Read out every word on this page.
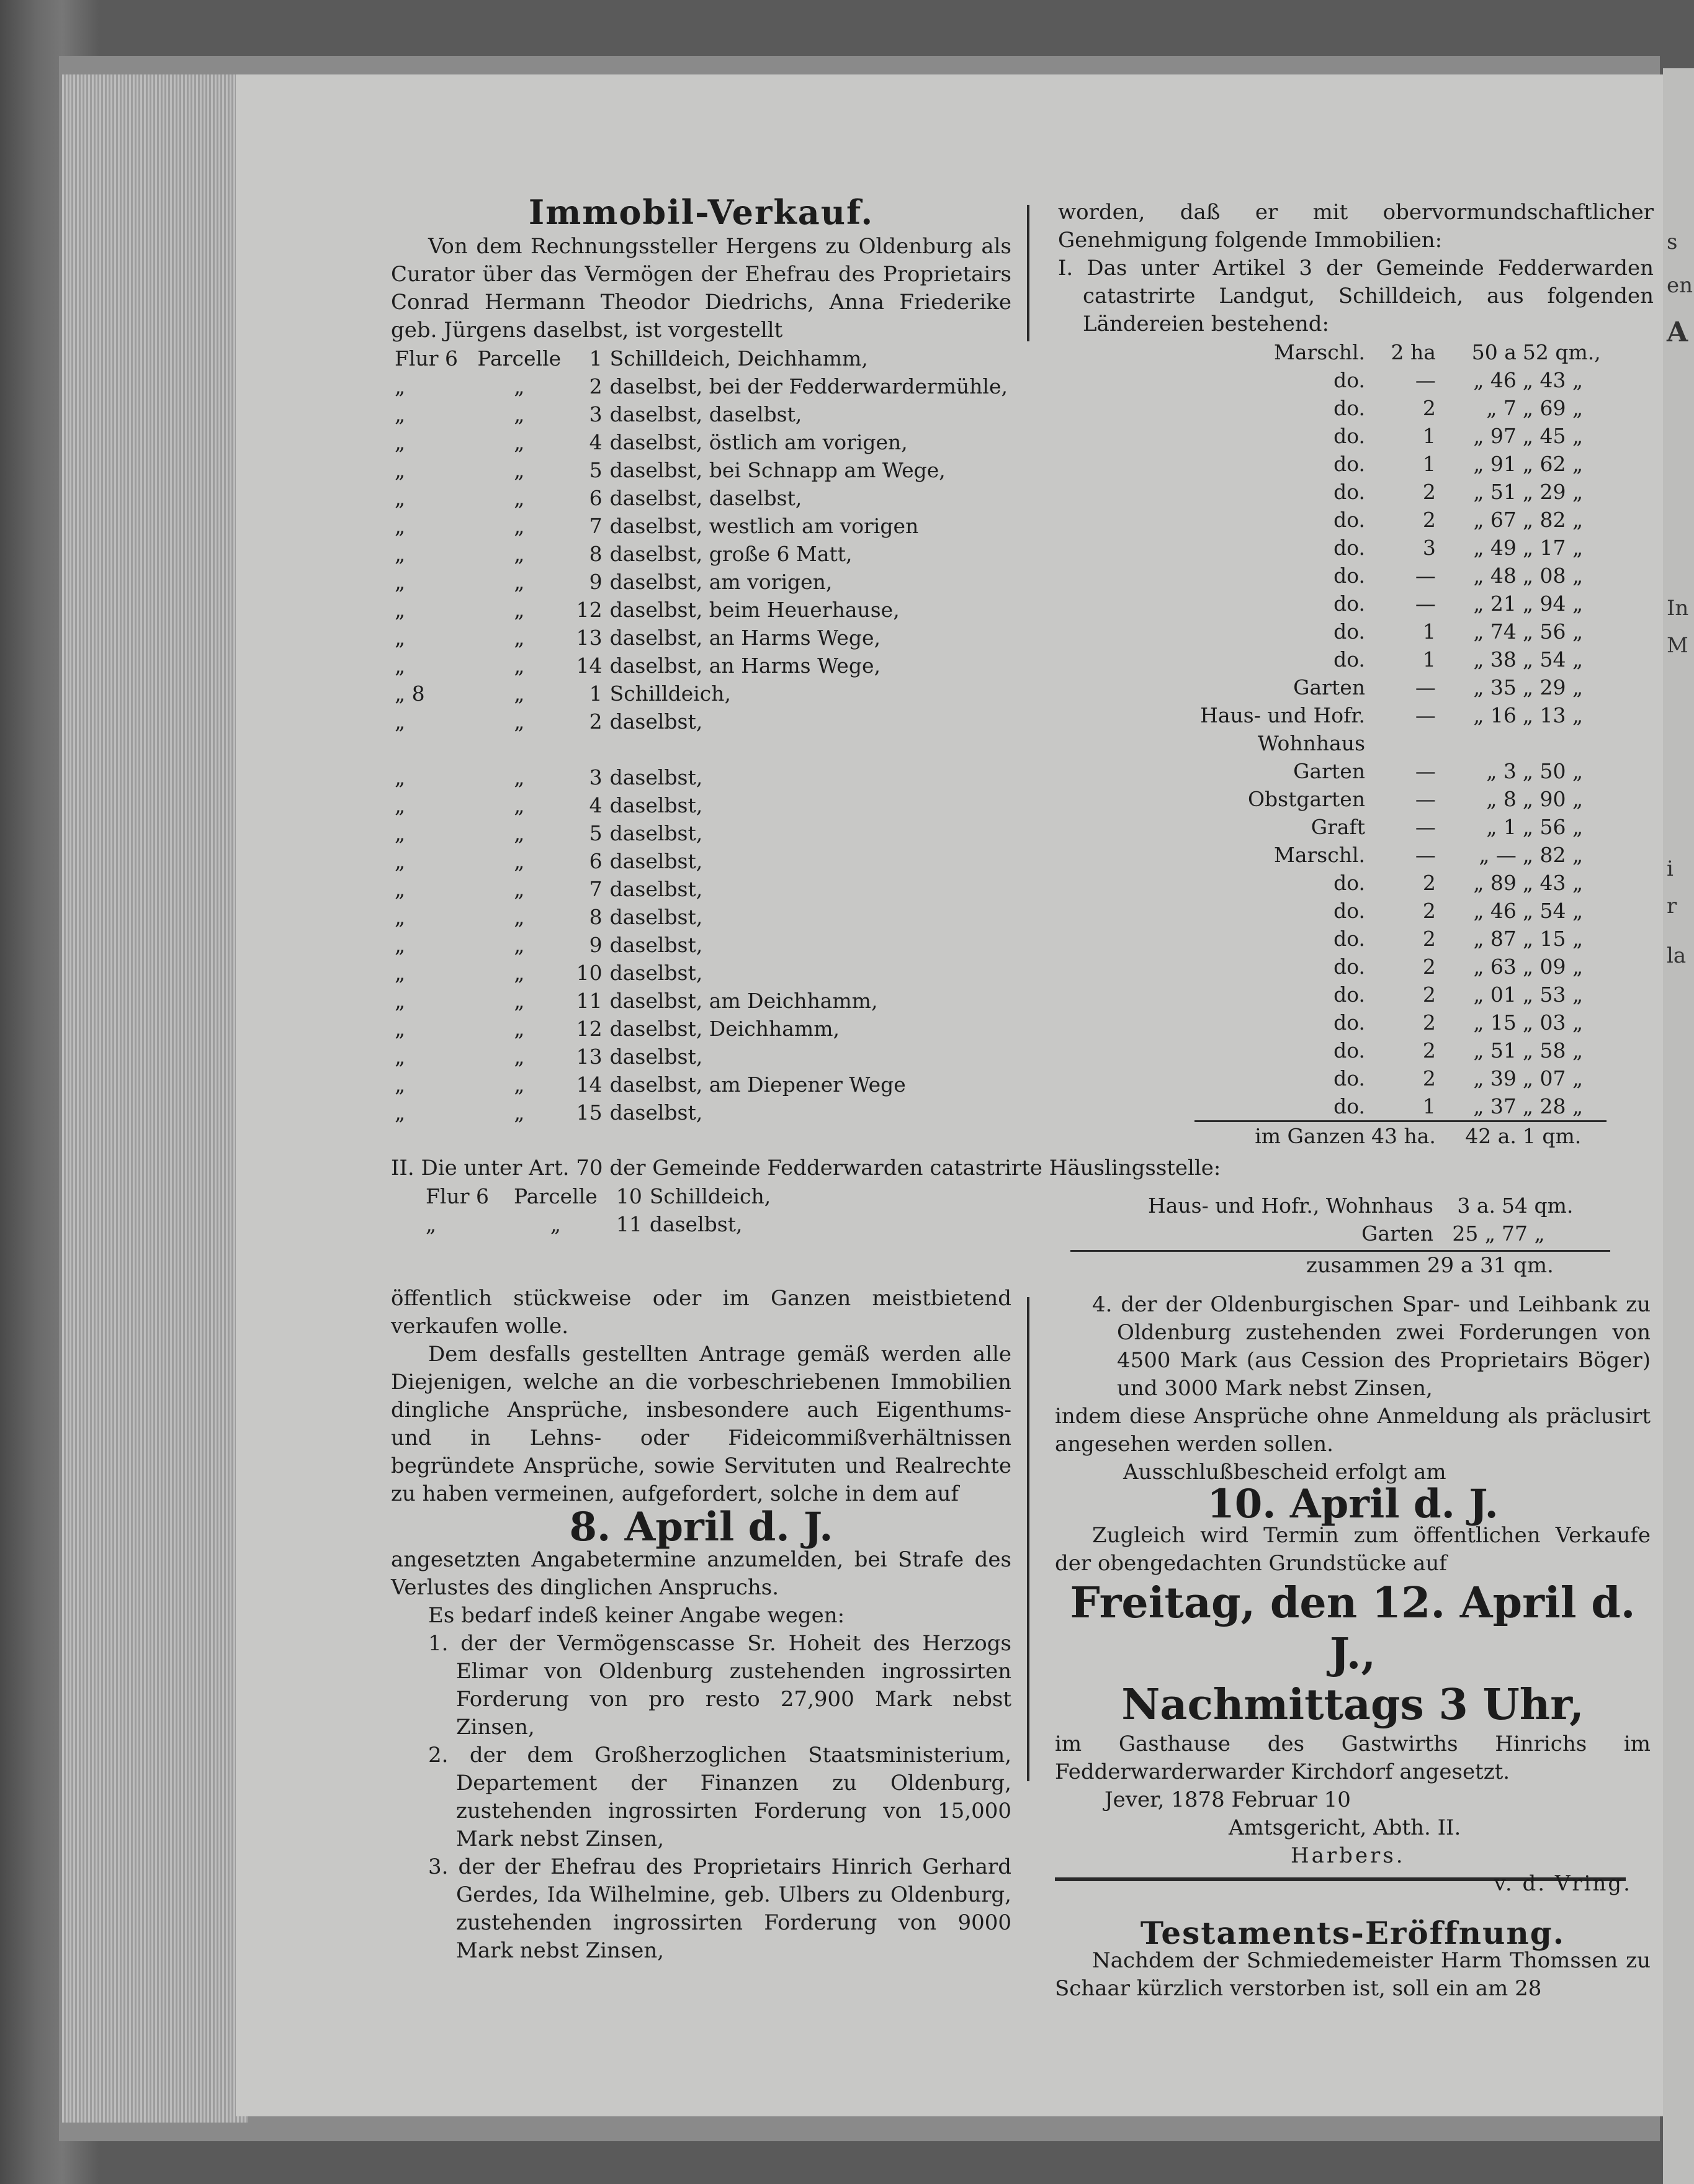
s
en
A
In
M
i
r
la
Immobil-Verkauf.

Von dem Rechnungssteller Hergens zu Oldenburg als Curator über das Vermögen der Ehefrau des Proprietairs Conrad Hermann Theodor Diedrichs, Anna Friederike geb. Jürgens daselbst, ist vorgestellt

Flur 6	Parcelle	1	Schilldeich, Deichhamm,
„	„	2	daselbst, bei der Fedderwardermühle,
„	„	3	daselbst, daselbst,
„	„	4	daselbst, östlich am vorigen,
„	„	5	daselbst, bei Schnapp am Wege,
„	„	6	daselbst, daselbst,
„	„	7	daselbst, westlich am vorigen
„	„	8	daselbst, große 6 Matt,
„	„	9	daselbst, am vorigen,
„	„	12	daselbst, beim Heuerhause,
„	„	13	daselbst, an Harms Wege,
„	„	14	daselbst, an Harms Wege,
„ 8	„	1	Schilldeich,
„	„	2	daselbst,

„	„	3	daselbst,
„	„	4	daselbst,
„	„	5	daselbst,
„	„	6	daselbst,
„	„	7	daselbst,
„	„	8	daselbst,
„	„	9	daselbst,
„	„	10	daselbst,
„	„	11	daselbst, am Deichhamm,
„	„	12	daselbst, Deichhamm,
„	„	13	daselbst,
„	„	14	daselbst, am Diepener Wege
„	„	15	daselbst,

II. Die unter Art. 70 der Gemeinde Fedderwarden catastrirte Häuslingsstelle:

Flur 6	Parcelle	10	Schilldeich,
„	„	11	daselbst,

öffentlich stückweise oder im Ganzen meistbietend verkaufen wolle.

Dem desfalls gestellten Antrage gemäß werden alle Diejenigen, welche an die vorbeschriebenen Immobilien dingliche Ansprüche, insbesondere auch Eigenthums- und in Lehns- oder Fideicommißverhältnissen begründete Ansprüche, sowie Servituten und Realrechte zu haben vermeinen, aufgefordert, solche in dem auf

8. April d. J.

angesetzten Angabetermine anzumelden, bei Strafe des Verlustes des dinglichen Anspruchs.

Es bedarf indeß keiner Angabe wegen:

1. der der Vermögenscasse Sr. Hoheit des Herzogs Elimar von Oldenburg zustehenden ingrossirten Forderung von pro resto 27,900 Mark nebst Zinsen,

2. der dem Großherzoglichen Staatsministerium, Departement der Finanzen zu Oldenburg, zustehenden ingrossirten Forderung von 15,000 Mark nebst Zinsen,

3. der der Ehefrau des Proprietairs Hinrich Gerhard Gerdes, Ida Wilhelmine, geb. Ulbers zu Oldenburg, zustehenden ingrossirten Forderung von 9000 Mark nebst Zinsen,

worden, daß er mit obervormundschaftlicher Genehmigung folgende Immobilien:

I. Das unter Artikel 3 der Gemeinde Fedderwarden catastrirte Landgut, Schilldeich, aus folgenden Ländereien bestehend:

Marschl.	2 ha	50 a	52 qm.,
do.	—	„ 46	„ 43 „
do.	2	„ 7	„ 69 „
do.	1	„ 97	„ 45 „
do.	1	„ 91	„ 62 „
do.	2	„ 51	„ 29 „
do.	2	„ 67	„ 82 „
do.	3	„ 49	„ 17 „
do.	—	„ 48	„ 08 „
do.	—	„ 21	„ 94 „
do.	1	„ 74	„ 56 „
do.	1	„ 38	„ 54 „
Garten	—	„ 35	„ 29 „
Haus- und Hofr.	—	„ 16	„ 13 „
Wohnhaus			
Garten	—	„ 3	„ 50 „
Obstgarten	—	„ 8	„ 90 „
Graft	—	„ 1	„ 56 „
Marschl.	—	„ —	„ 82 „
do.	2	„ 89	„ 43 „
do.	2	„ 46	„ 54 „
do.	2	„ 87	„ 15 „
do.	2	„ 63	„ 09 „
do.	2	„ 01	„ 53 „
do.	2	„ 15	„ 03 „
do.	2	„ 51	„ 58 „
do.	2	„ 39	„ 07 „
do.	1	„ 37	„ 28 „
im Ganzen	43 ha.	42 a.	1 qm.
Haus- und Hofr., Wohnhaus	3 a.	54 qm.
Garten	25 „	77 „

zusammen 29 a 31 qm.

4. der der Oldenburgischen Spar- und Leihbank zu Oldenburg zustehenden zwei Forderungen von 4500 Mark (aus Cession des Proprietairs Böger) und 3000 Mark nebst Zinsen,

indem diese Ansprüche ohne Anmeldung als präclusirt angesehen werden sollen.

Ausschlußbescheid erfolgt am

10. April d. J.

Zugleich wird Termin zum öffentlichen Verkaufe der obengedachten Grundstücke auf

Freitag, den 12. April d. J.,
Nachmittags 3 Uhr,

im Gasthause des Gastwirths Hinrichs im Fedderwarderwarder Kirchdorf angesetzt.

Jever, 1878 Februar 10

Amtsgericht, Abth. II.

Harbers.

v. d. Vring.

Testaments-Eröffnung.

Nachdem der Schmiedemeister Harm Thomssen zu Schaar kürzlich verstorben ist, soll ein am 28
